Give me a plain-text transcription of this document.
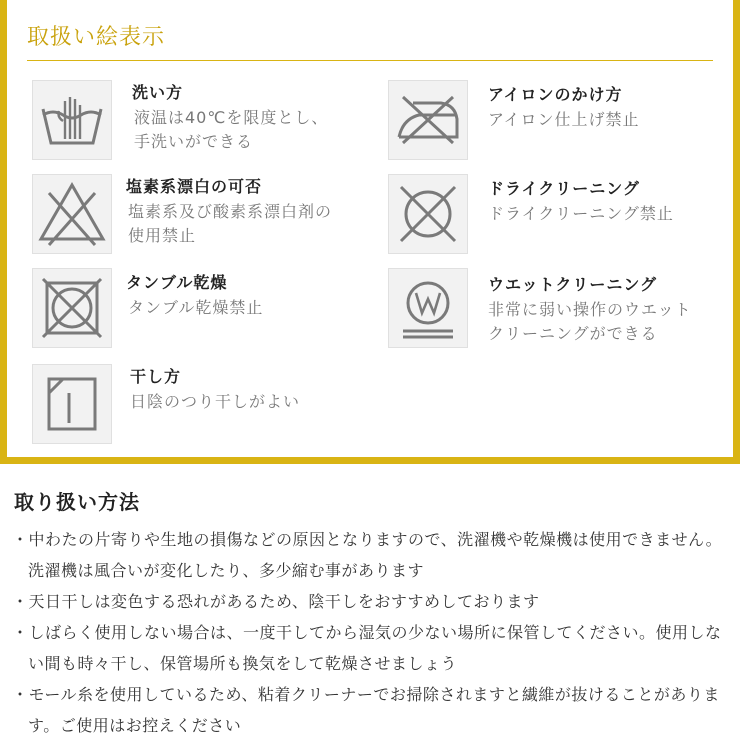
取扱い絵表示
洗い方
液温は40℃を限度とし、
手洗いができる
塩素系漂白の可否
塩素系及び酸素系漂白剤の
使用禁止
タンブル乾燥
タンブル乾燥禁止
干し方
日陰のつり干しがよい
アイロンのかけ方
アイロン仕上げ禁止
ドライクリーニング
ドライクリーニング禁止
ウエットクリーニング
非常に弱い操作のウエット
クリーニングができる
取り扱い方法
・中わたの片寄りや生地の損傷などの原因となりますので、洗濯機や乾燥機は使用できません。洗濯機は風合いが変化したり、多少縮む事があります
・天日干しは変色する恐れがあるため、陰干しをおすすめしております
・しばらく使用しない場合は、一度干してから湿気の少ない場所に保管してください。使用しない間も時々干し、保管場所も換気をして乾燥させましょう
・モール糸を使用しているため、粘着クリーナーでお掃除されますと繊維が抜けることがあります。ご使用はお控えください
